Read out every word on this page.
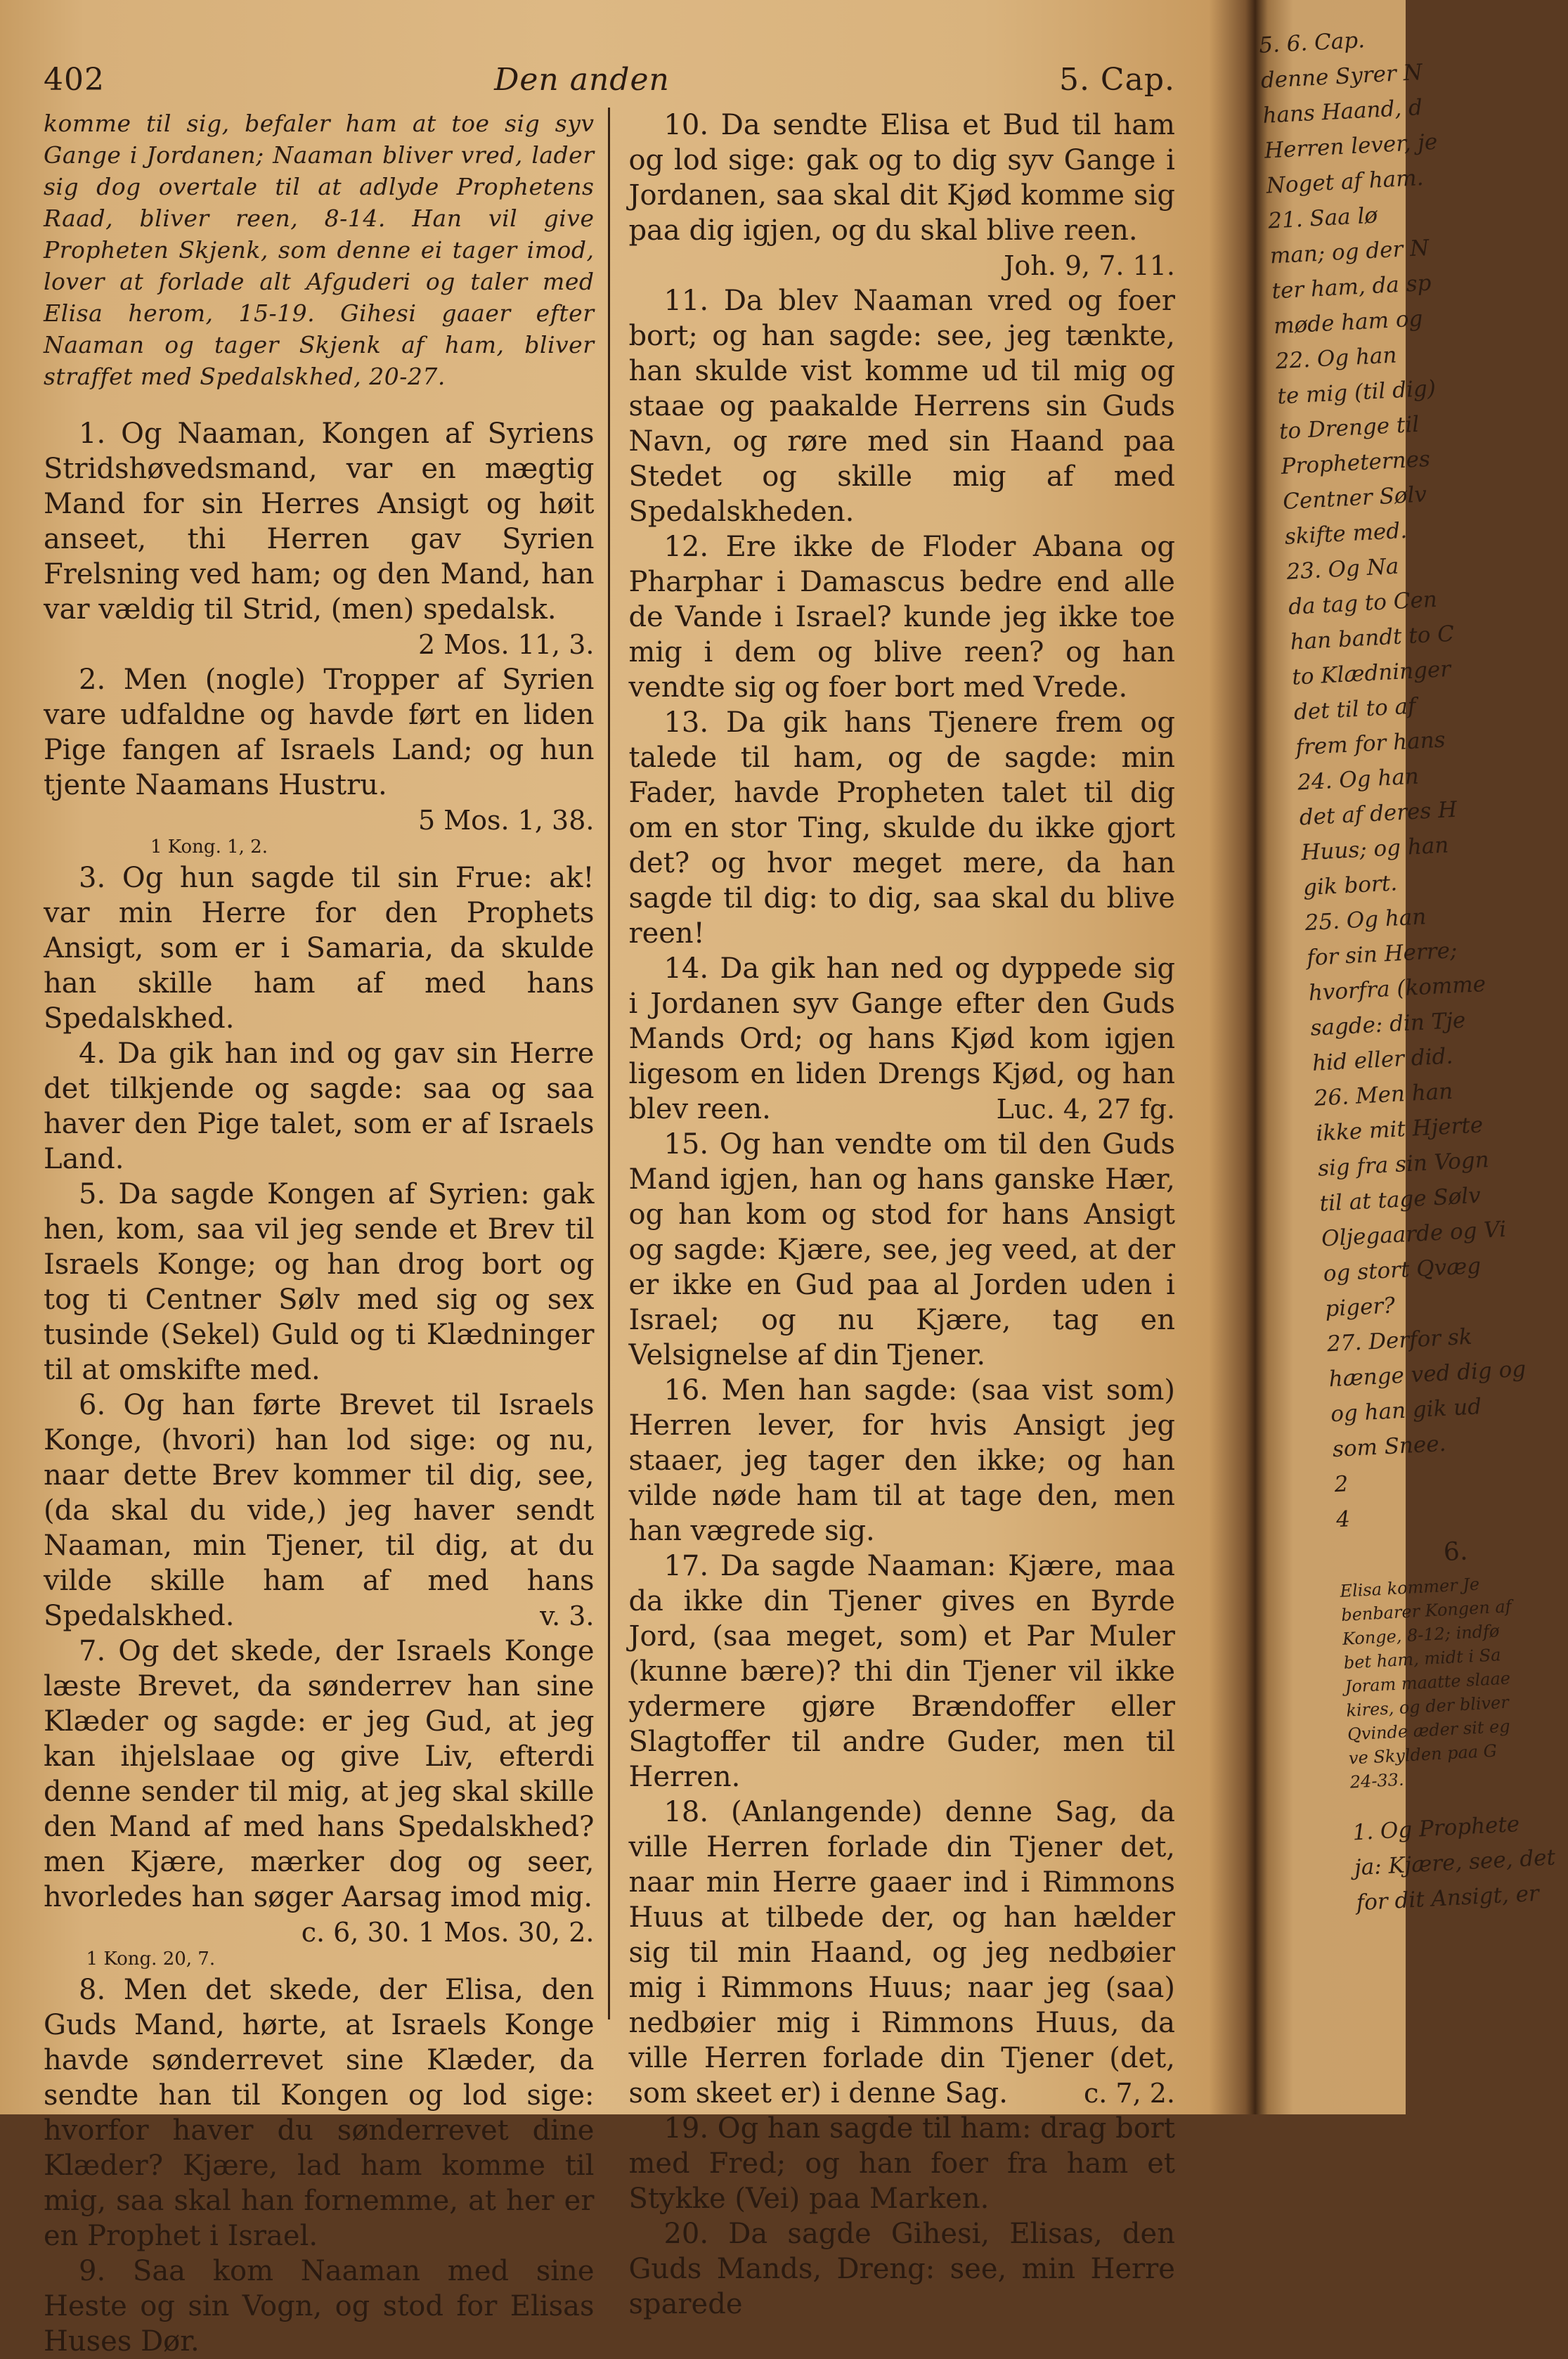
402	Den anden	5. Cap.
komme til sig, befaler ham at toe sig syv Gange i Jordanen; Naaman bliver vred, lader sig dog overtale til at adlyde Prophetens Raad, bliver reen, 8-14. Han vil give Propheten Skjenk, som denne ei tager imod, lover at forlade alt Afguderi og taler med Elisa herom, 15-19. Gihesi gaaer efter Naaman og tager Skjenk af ham, bliver straffet med Spedalskhed, 20-27.
1. Og Naaman, Kongen af Syriens Stridshøvedsmand, var en mægtig Mand for sin Herres Ansigt og høit anseet, thi Herren gav Syrien Frelsning ved ham; og den Mand, han var vældig til Strid, (men) spedalsk.
2 Mos. 11, 3.
2. Men (nogle) Tropper af Syrien vare udfaldne og havde ført en liden Pige fangen af Israels Land; og hun tjente Naamans Hustru.
5 Mos. 1, 38.
1 Kong. 1, 2.
3. Og hun sagde til sin Frue: ak! var min Herre for den Prophets Ansigt, som er i Samaria, da skulde han skille ham af med hans Spedalskhed.
4. Da gik han ind og gav sin Herre det tilkjende og sagde: saa og saa haver den Pige talet, som er af Israels Land.
5. Da sagde Kongen af Syrien: gak hen, kom, saa vil jeg sende et Brev til Israels Konge; og han drog bort og tog ti Centner Sølv med sig og sex tusinde (Sekel) Guld og ti Klædninger til at omskifte med.
6. Og han førte Brevet til Israels Konge, (hvori) han lod sige: og nu, naar dette Brev kommer til dig, see, (da skal du vide,) jeg haver sendt Naaman, min Tjener, til dig, at du vilde skille ham af med hans Spedalskhed.	v. 3.
7. Og det skede, der Israels Konge læste Brevet, da sønderrev han sine Klæder og sagde: er jeg Gud, at jeg kan ihjelslaae og give Liv, efterdi denne sender til mig, at jeg skal skille den Mand af med hans Spedalskhed? men Kjære, mærker dog og seer, hvorledes han søger Aarsag imod mig.
c. 6, 30. 1 Mos. 30, 2.
1 Kong. 20, 7.
8. Men det skede, der Elisa, den Guds Mand, hørte, at Israels Konge havde sønderrevet sine Klæder, da sendte han til Kongen og lod sige: hvorfor haver du sønderrevet dine Klæder? Kjære, lad ham komme til mig, saa skal han fornemme, at her er en Prophet i Israel.
9. Saa kom Naaman med sine Heste og sin Vogn, og stod for Elisas Huses Dør.
10. Da sendte Elisa et Bud til ham og lod sige: gak og to dig syv Gange i Jordanen, saa skal dit Kjød komme sig paa dig igjen, og du skal blive reen.
Joh. 9, 7. 11.
11. Da blev Naaman vred og foer bort; og han sagde: see, jeg tænkte, han skulde vist komme ud til mig og staae og paakalde Herrens sin Guds Navn, og røre med sin Haand paa Stedet og skille mig af med Spedalskheden.
12. Ere ikke de Floder Abana og Pharphar i Damascus bedre end alle de Vande i Israel? kunde jeg ikke toe mig i dem og blive reen? og han vendte sig og foer bort med Vrede.
13. Da gik hans Tjenere frem og talede til ham, og de sagde: min Fader, havde Propheten talet til dig om en stor Ting, skulde du ikke gjort det? og hvor meget mere, da han sagde til dig: to dig, saa skal du blive reen!
14. Da gik han ned og dyppede sig i Jordanen syv Gange efter den Guds Mands Ord; og hans Kjød kom igjen ligesom en liden Drengs Kjød, og han blev reen.	Luc. 4, 27 fg.
15. Og han vendte om til den Guds Mand igjen, han og hans ganske Hær, og han kom og stod for hans Ansigt og sagde: Kjære, see, jeg veed, at der er ikke en Gud paa al Jorden uden i Israel; og nu Kjære, tag en Velsignelse af din Tjener.
16. Men han sagde: (saa vist som) Herren lever, for hvis Ansigt jeg staaer, jeg tager den ikke; og han vilde nøde ham til at tage den, men han vægrede sig.
17. Da sagde Naaman: Kjære, maa da ikke din Tjener gives en Byrde Jord, (saa meget, som) et Par Muler (kunne bære)? thi din Tjener vil ikke ydermere gjøre Brændoffer eller Slagtoffer til andre Guder, men til Herren.
18. (Anlangende) denne Sag, da ville Herren forlade din Tjener det, naar min Herre gaaer ind i Rimmons Huus at tilbede der, og han hælder sig til min Haand, og jeg nedbøier mig i Rimmons Huus; naar jeg (saa) nedbøier mig i Rimmons Huus, da ville Herren forlade din Tjener (det, som skeet er) i denne Sag.	c. 7, 2.
19. Og han sagde til ham: drag bort med Fred; og han foer fra ham et Stykke (Vei) paa Marken.
20. Da sagde Gihesi, Elisas, den Guds Mands, Dreng: see, min Herre sparede
5. 6. Cap.
denne Syrer N
hans Haand, d
Herren lever, je
Noget af ham.
21. Saa lø
man; og der N
ter ham, da sp
møde ham og
22. Og han
te mig (til dig)
to Drenge til
Propheternes
Centner Sølv
skifte med.
23. Og Na
da tag to Cen
han bandt to C
to Klædninger
det til to af
frem for hans
24. Og han
det af deres H
Huus; og han
gik bort.
25. Og han
for sin Herre;
hvorfra (komme
sagde: din Tje
hid eller did.
26. Men han
ikke mit Hjerte
sig fra sin Vogn
til at tage Sølv
Oljegaarde og Vi
og stort Qvæg
piger?
27. Derfor sk
hænge ved dig og
og han gik ud
som Snee.
2
4
6.
Elisa kommer Je
benbarer Kongen af
Konge, 8-12; indfø
bet ham, midt i Sa
Joram maatte slaae
kires, og der bliver
Qvinde æder sit eg
ve Skylden paa G
24-33.
1. Og Prophete
ja: Kjære, see, det
for dit Ansigt, er
